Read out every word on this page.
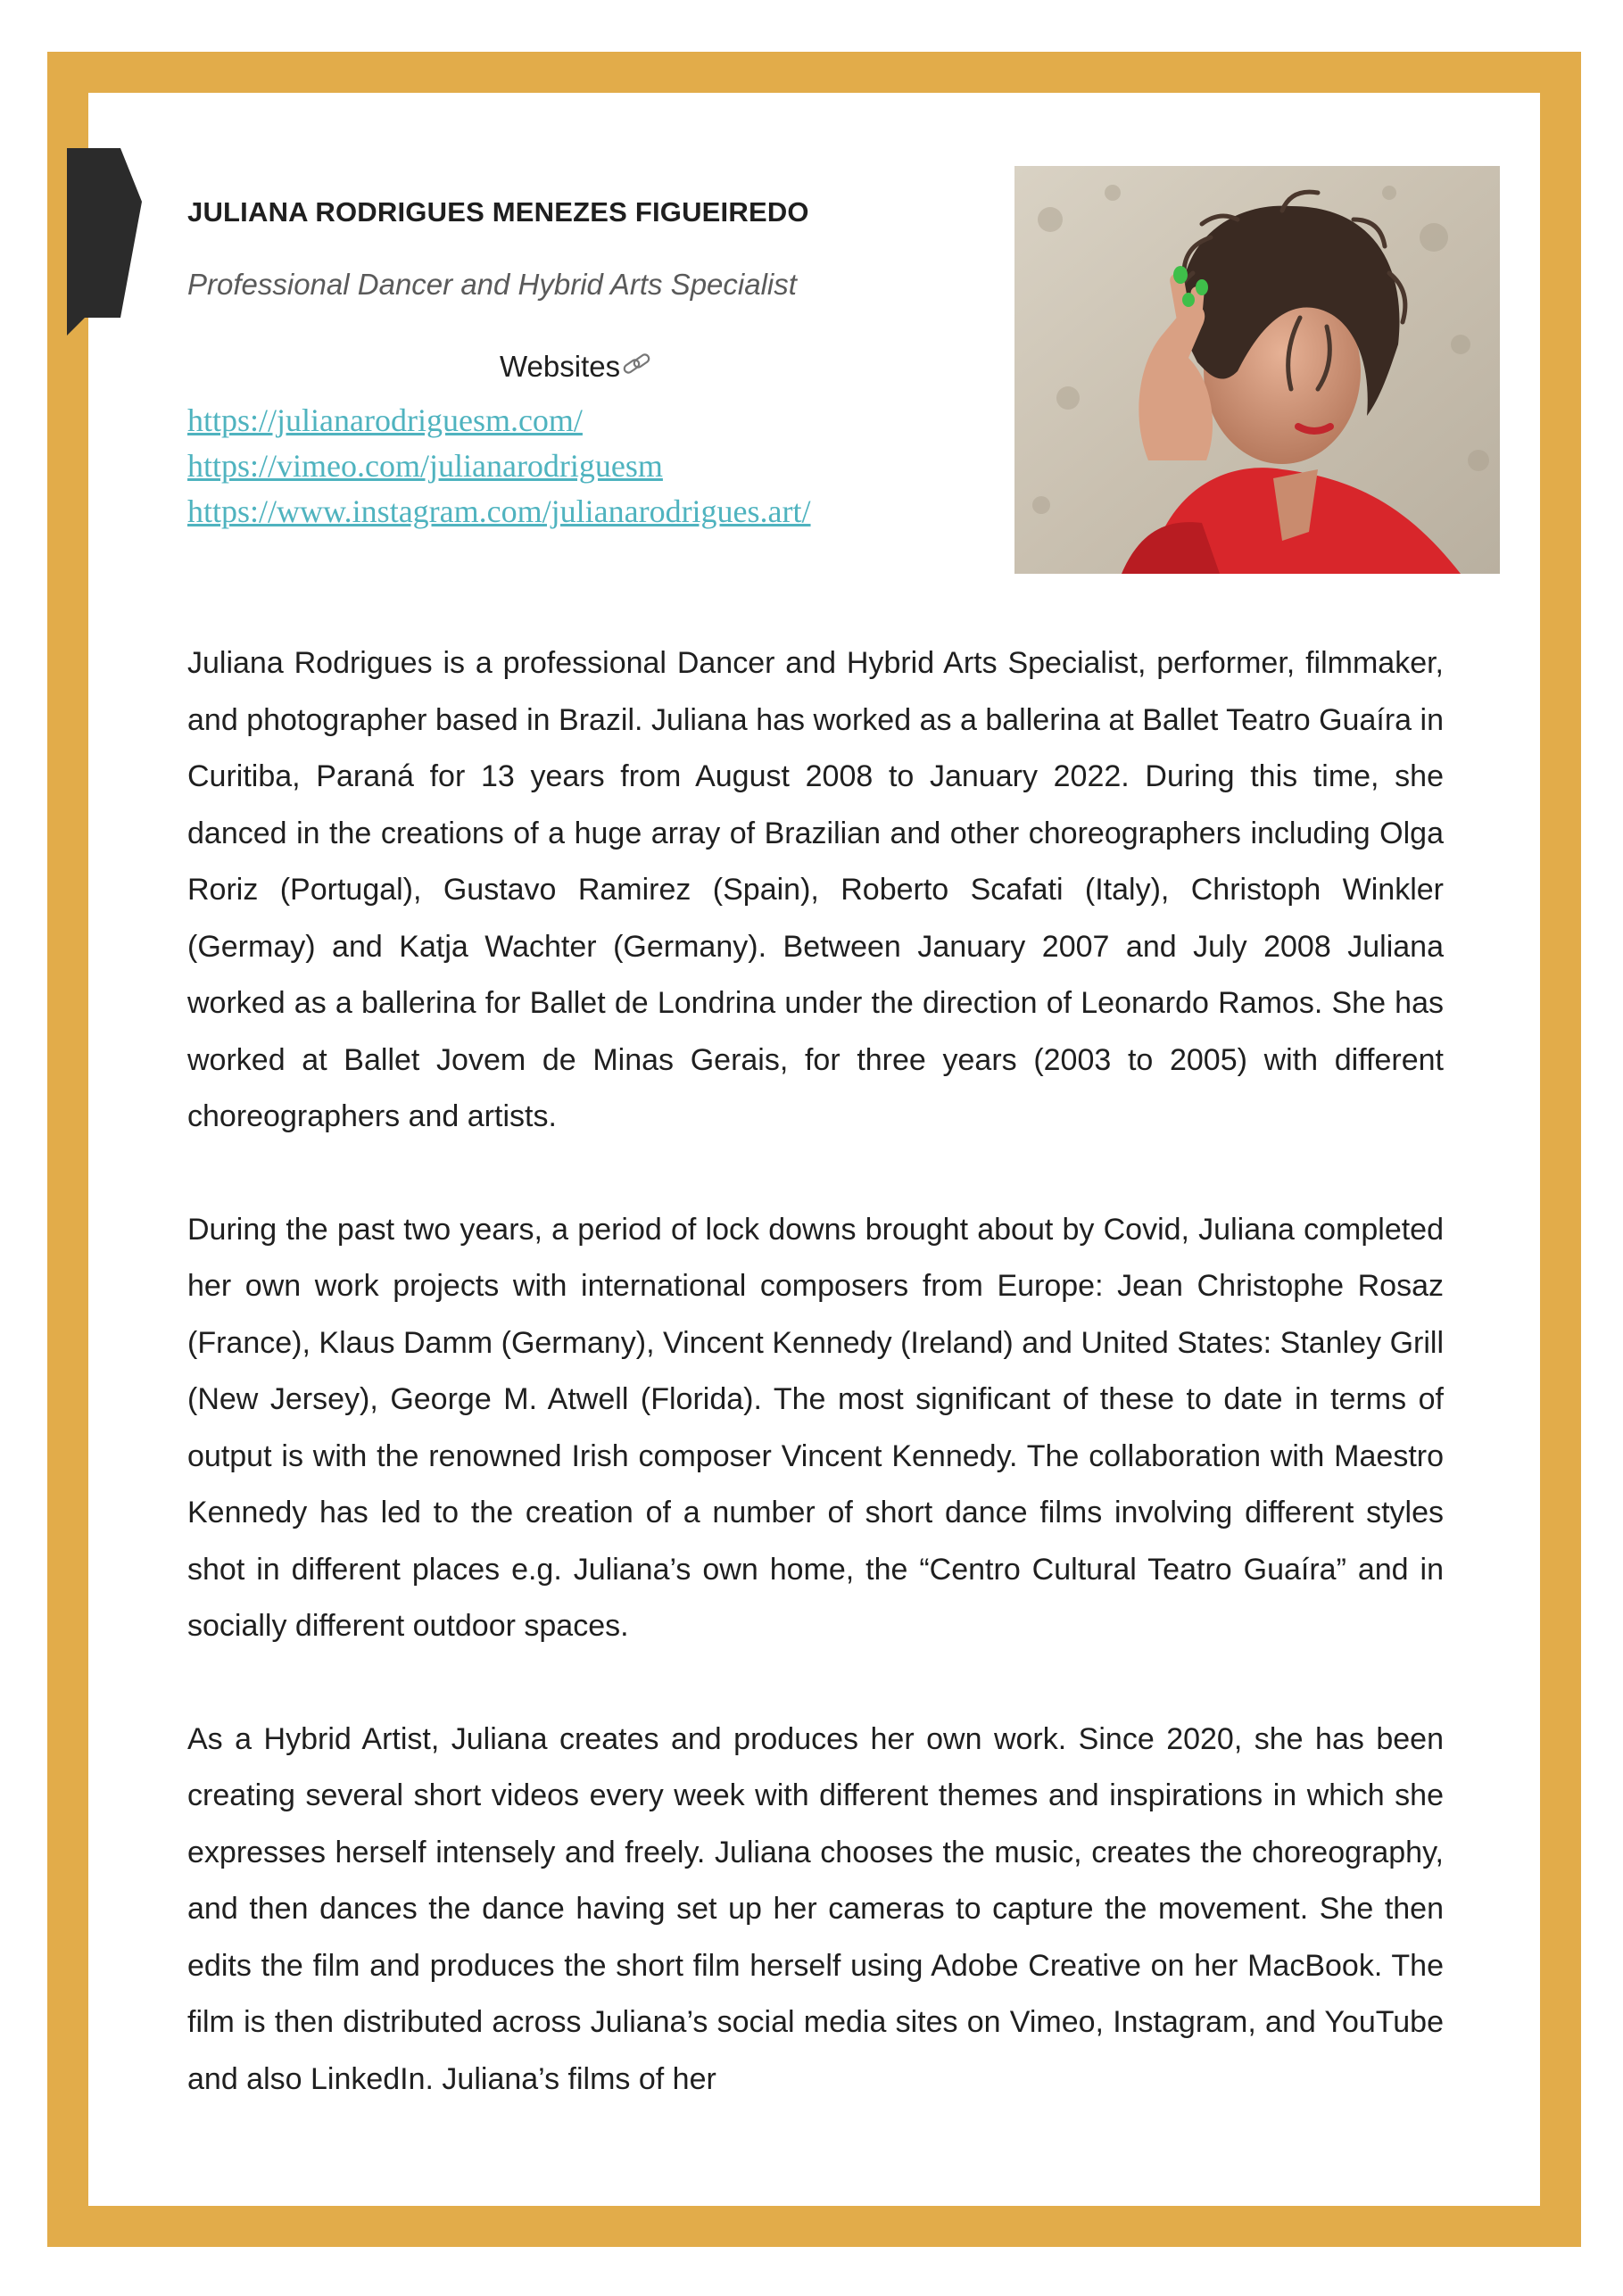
JULIANA RODRIGUES MENEZES FIGUEIREDO
Professional Dancer and Hybrid Arts Specialist
Websites
https://julianarodriguesm.com/
https://vimeo.com/julianarodriguesm
https://www.instagram.com/julianarodrigues.art/

Juliana Rodrigues is a professional Dancer and Hybrid Arts Specialist, performer, filmmaker, and photographer based in Brazil. Juliana has worked as a ballerina at Ballet Teatro Guaíra in Curitiba, Paraná for 13 years from August 2008 to January 2022. During this time, she danced in the creations of a huge array of Brazilian and other choreographers including Olga Roriz (Portugal), Gustavo Ramirez (Spain), Roberto Scafati (Italy), Christoph Winkler (Germay) and Katja Wachter (Germany). Between January 2007 and July 2008 Juliana worked as a ballerina for Ballet de Londrina under the direction of Leonardo Ramos. She has worked at Ballet Jovem de Minas Gerais, for three years (2003 to 2005) with different choreographers and artists.

During the past two years, a period of lock downs brought about by Covid, Juliana completed her own work projects with international composers from Europe: Jean Christophe Rosaz (France), Klaus Damm (Germany), Vincent Kennedy (Ireland) and United States: Stanley Grill (New Jersey), George M. Atwell (Florida). The most significant of these to date in terms of output is with the renowned Irish composer Vincent Kennedy. The collaboration with Maestro Kennedy has led to the creation of a number of short dance films involving different styles shot in different places e.g. Juliana’s own home, the “Centro Cultural Teatro Guaíra” and in socially different outdoor spaces.

As a Hybrid Artist, Juliana creates and produces her own work. Since 2020, she has been creating several short videos every week with different themes and inspirations in which she expresses herself intensely and freely. Juliana chooses the music, creates the choreography, and then dances the dance having set up her cameras to capture the movement. She then edits the film and produces the short film herself using Adobe Creative on her MacBook. The film is then distributed across Juliana’s social media sites on Vimeo, Instagram, and YouTube and also LinkedIn. Juliana’s films of her
